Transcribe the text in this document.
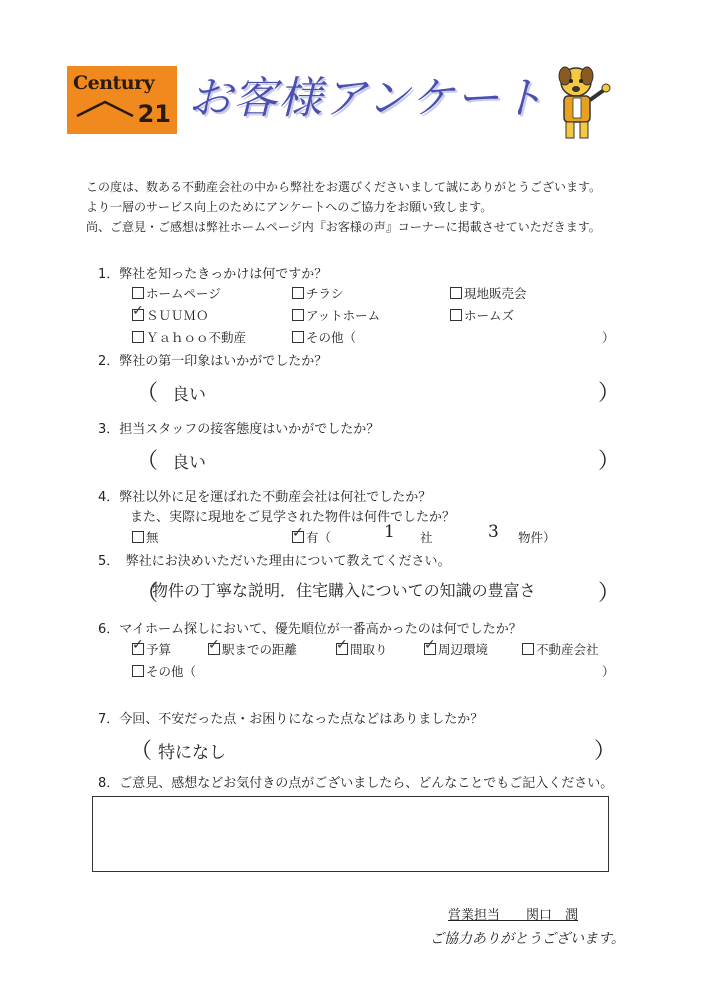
Century
21 お客様アンケート
この度は、数ある不動産会社の中から弊社をお選びくださいまして誠にありがとうございます。
より一層のサービス向上のためにアンケートへのご協力をお願い致します。
尚、ご意見・ご感想は弊社ホームページ内『お客様の声』コーナーに掲載させていただきます。
1．弊社を知ったきっかけは何ですか？
ホームページ	チラシ	現地販売会
✓ＳＵＵＭＯ	アットホーム	ホームズ
Ｙａｈｏｏ不動産	その他（	）
2．弊社の第一印象はいかがでしたか？
（ 良い	）
3．担当スタッフの接客態度はいかがでしたか？
（ 良い	）
4．弊社以外に足を運ばれた不動産会社は何社でしたか？
また、実際に現地をご見学された物件は何件でしたか？
無 ✓	有（	1 社	3 物件）
5．　弊社にお決めいただいた理由について教えてください。
（
物件の丁寧な説明．住宅購入についての知識の豊富さ	）
6．マイホーム探しにおいて、優先順位が一番高かったのは何でしたか？
✓予算 ✓	駅までの距離 ✓	間取り ✓	周辺環境	不動産会社
その他（	）
7．今回、不安だった点・お困りになった点などはありましたか？
（ 特になし	）
8．ご意見、感想などお気付きの点がございましたら、どんなことでもご記入ください。
営業担当　　関口　潤
ご協力ありがとうございます。
